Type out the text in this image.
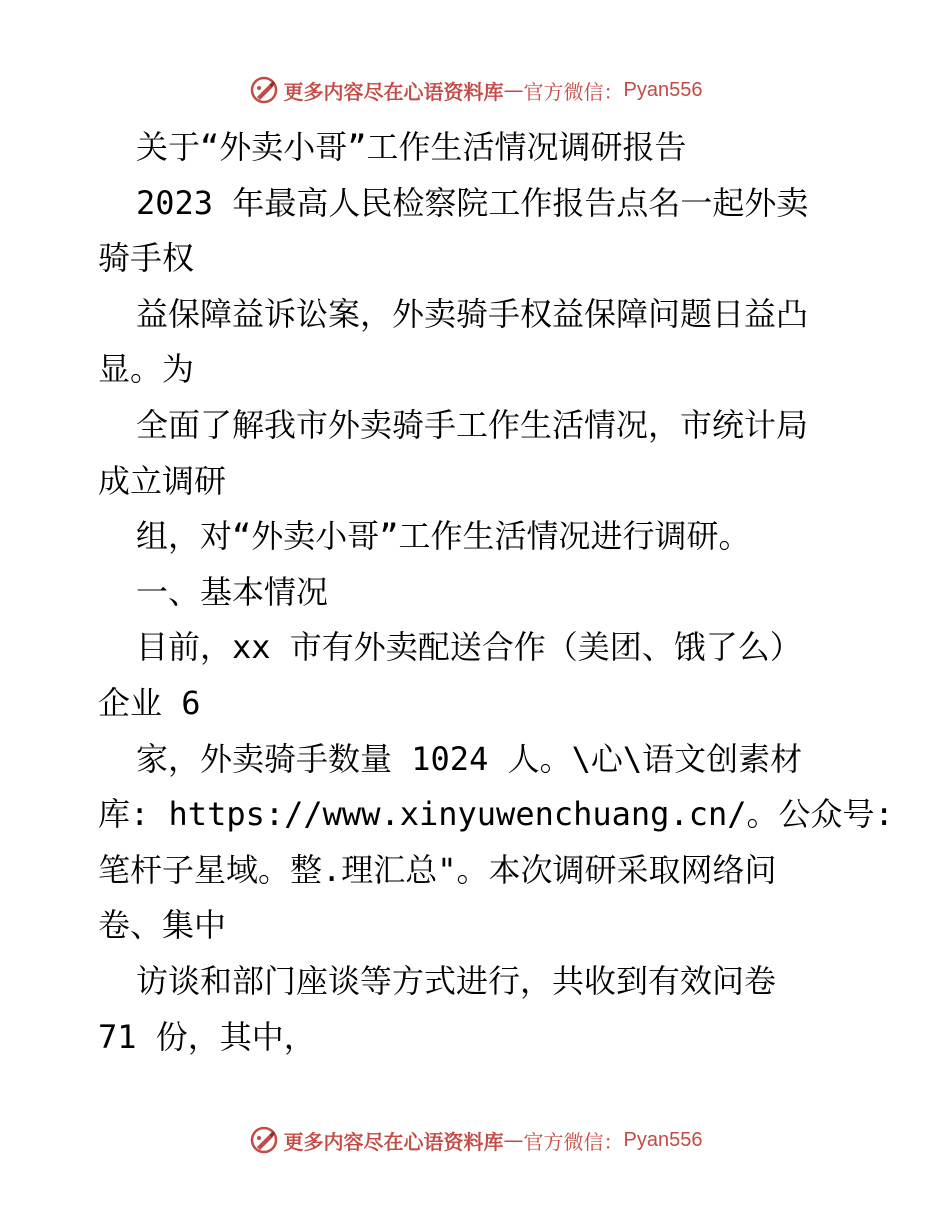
更多内容尽在心语资料库 — 官方微信： Pyan556
关于“外卖小哥”工作生活情况调研报告
2023 年最高人民检察院工作报告点名一起外卖
骑手权
益保障益诉讼案，外卖骑手权益保障问题日益凸
显。为
全面了解我市外卖骑手工作生活情况，市统计局
成立调研
组，对“外卖小哥”工作生活情况进行调研。
一、基本情况
目前，xx 市有外卖配送合作（美团、饿了么）
企业 6
家，外卖骑手数量 1024 人。\心\语文创素材
库: https://www.xinyuwenchuang.cn/。公众号:
笔杆子星域。整.理汇总"。本次调研采取网络问
卷、集中
访谈和部门座谈等方式进行，共收到有效问卷
71 份，其中，
更多内容尽在心语资料库 — 官方微信： Pyan556
